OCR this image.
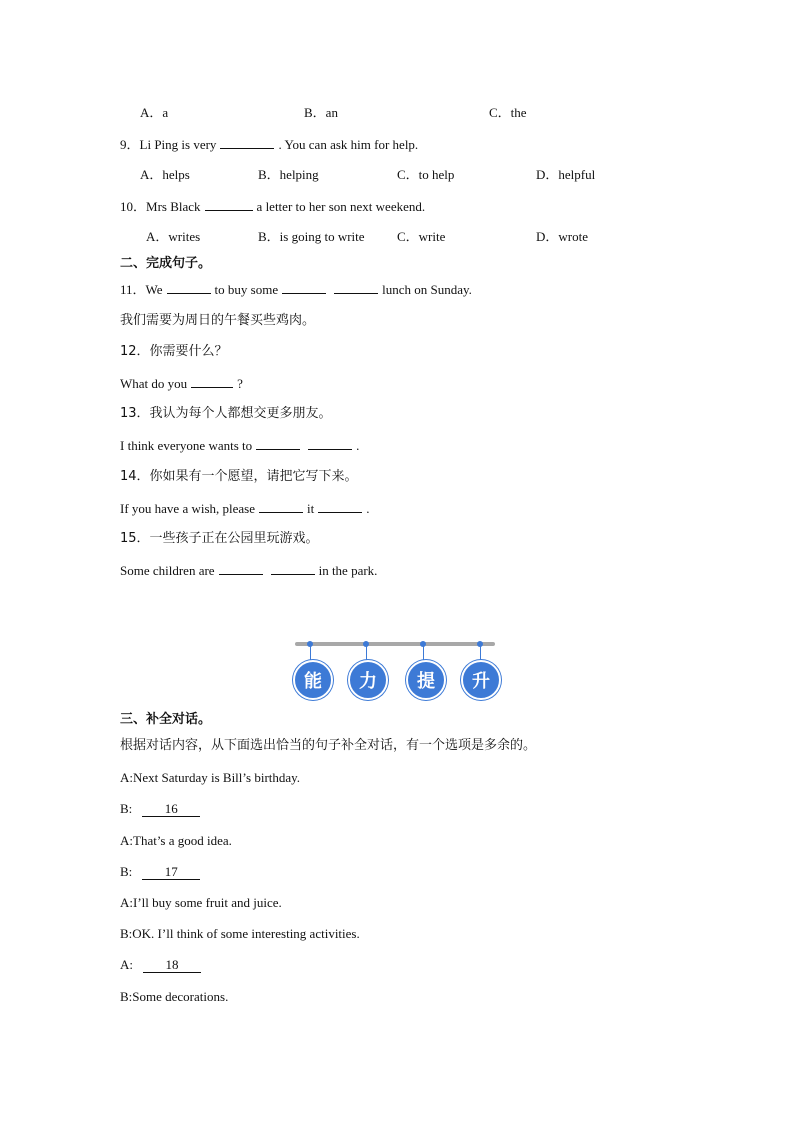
A．a	B．an	C．the
9．Li Ping is very	. You can ask him for help.
A．helps	B．helping	C．to help	D．helpful
10．Mrs Black	a letter to her son next weekend.
A．writes	B．is going to write C．write	D．wrote
二、完成句子。
11．We	to buy some	lunch on Sunday.
我们需要为周日的午餐买些鸡肉。
12．你需要什么？
What do you	?
13．我认为每个人都想交更多朋友。
I think everyone wants to	.
14．你如果有一个愿望，请把它写下来。
If you have a wish, please	it	.
15．一些孩子正在公园里玩游戏。
Some children are	in the park.
能	力	提	升
三、补全对话。
根据对话内容，从下面选出恰当的句子补全对话，有一个选项是多余的。
A:Next Saturday is Bill’s birthday.
B:	16
A:That’s a good idea.
B:	17
A:I’ll buy some fruit and juice.
B:OK. I’ll think of some interesting activities.
A:	18
B:Some decorations.
